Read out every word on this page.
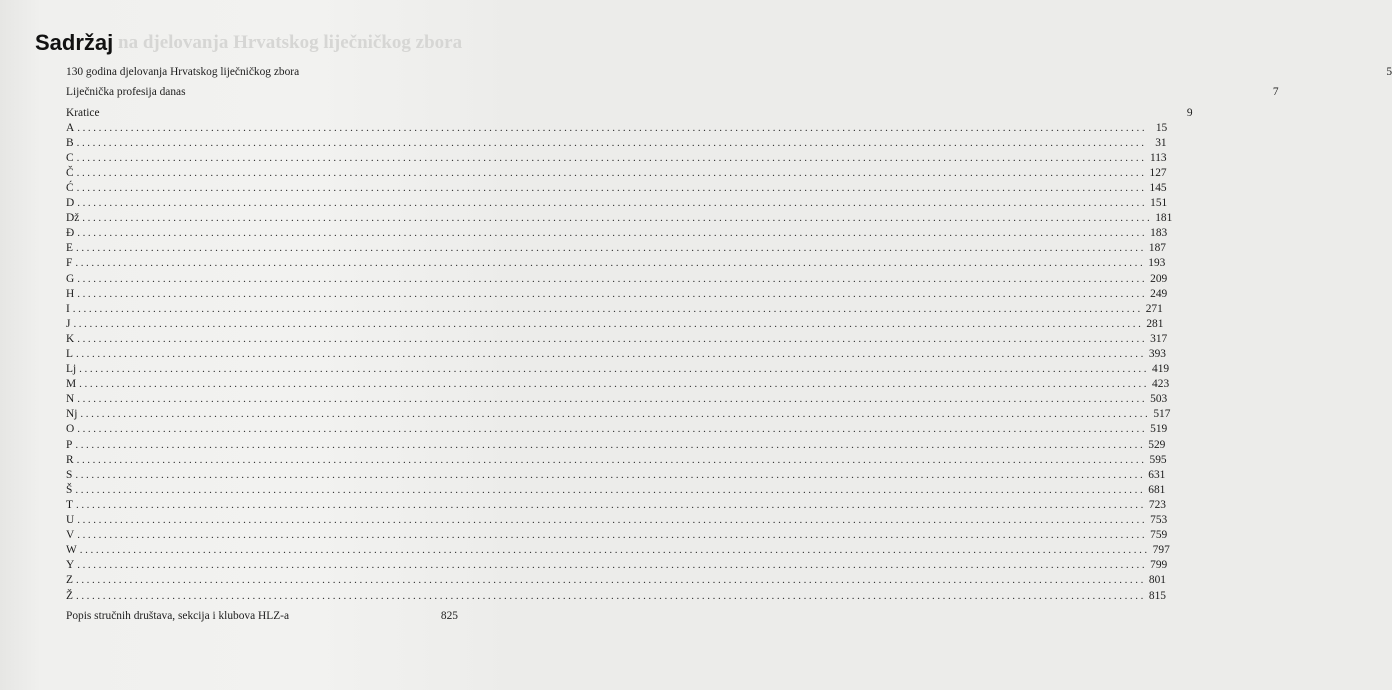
na djelovanja Hrvatskog liječničkog zbora
Sadržaj
130 godina djelovanja Hrvatskog liječničkog zbora	5
Liječnička profesija danas	7
Kratice	9
A ........................................................................................................................................................................................................ 15
B ........................................................................................................................................................................................................ 31
C ........................................................................................................................................................................................................ 113
Č ........................................................................................................................................................................................................ 127
Ć ........................................................................................................................................................................................................ 145
D ........................................................................................................................................................................................................ 151
Dž ........................................................................................................................................................................................................ 181
Đ ........................................................................................................................................................................................................ 183
E ........................................................................................................................................................................................................ 187
F ........................................................................................................................................................................................................ 193
G ........................................................................................................................................................................................................ 209
H ........................................................................................................................................................................................................ 249
I ........................................................................................................................................................................................................ 271
J ........................................................................................................................................................................................................ 281
K ........................................................................................................................................................................................................ 317
L ........................................................................................................................................................................................................ 393
Lj ........................................................................................................................................................................................................ 419
M ........................................................................................................................................................................................................ 423
N ........................................................................................................................................................................................................ 503
Nj ........................................................................................................................................................................................................ 517
O ........................................................................................................................................................................................................ 519
P ........................................................................................................................................................................................................ 529
R ........................................................................................................................................................................................................ 595
S ........................................................................................................................................................................................................ 631
Š ........................................................................................................................................................................................................ 681
T ........................................................................................................................................................................................................ 723
U ........................................................................................................................................................................................................ 753
V ........................................................................................................................................................................................................ 759
W ........................................................................................................................................................................................................ 797
Y ........................................................................................................................................................................................................ 799
Z ........................................................................................................................................................................................................ 801
Ž ........................................................................................................................................................................................................ 815
Popis stručnih društava, sekcija i klubova HLZ-a	825
